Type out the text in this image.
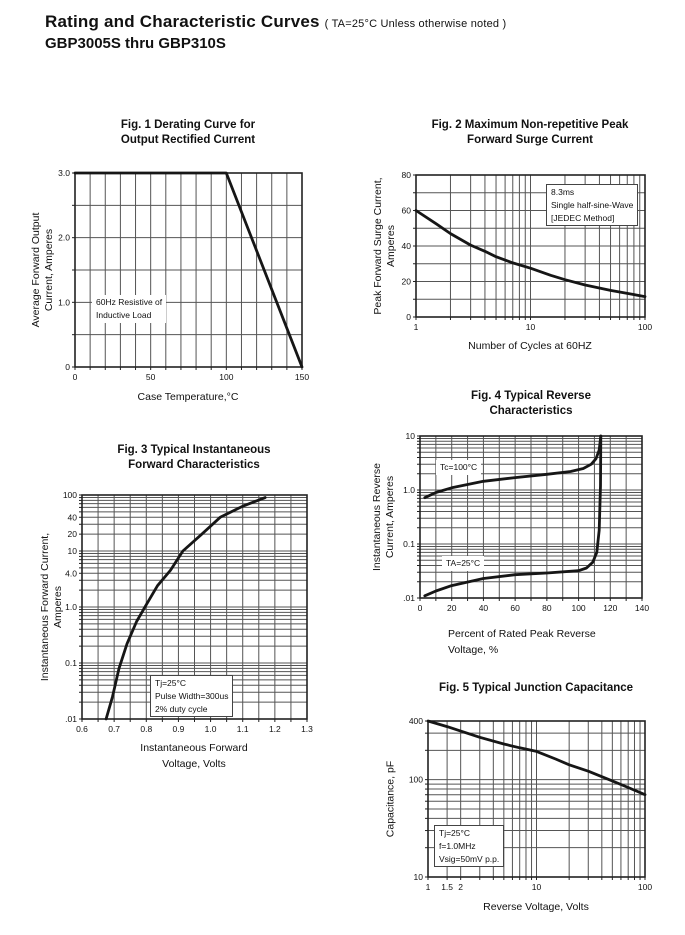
Rating and Characteristic Curves ( TA=25°C Unless otherwise noted )
GBP3005S thru GBP310S
Fig. 1 Derating Curve for
Output Rectified Current
Average Forward Output Current, Amperes
0	50	100	150
3.0
2.0
1.0
0
Case Temperature,°C
60Hz Resistive of
Inductive Load
Fig. 2 Maximum Non-repetitive Peak
Forward Surge Current
Peak Forward Surge Current, Amperes
1	10	100
80
60
40
20
0
Number of Cycles at 60HZ
8.3ms
Single half-sine-Wave
[JEDEC Method]
Fig. 3 Typical Instantaneous
Forward Characteristics
Instantaneous Forward Current, Amperes
0.6 0.7 0.8 0.9 1.0 1.1 1.2 1.3
100
40
20
10
4.0
1.0
0.1
.01
Instantaneous Forward
Voltage, Volts
Tj=25°C
Pulse Width=300us
2% duty cycle
Fig. 4 Typical Reverse
Characteristics
Instantaneous Reverse Current, Amperes
0	20	40	60	80 100 120 140
10
1.0
0.1
.01
Percent of Rated Peak Reverse
Voltage, %
Tc=100°C
TA=25°C
Fig. 5 Typical Junction Capacitance
Capacitance, pF
1 1.5 2	10	100
400
100
10
Reverse Voltage, Volts
Tj=25°C
f=1.0MHz
Vsig=50mV p.p.
